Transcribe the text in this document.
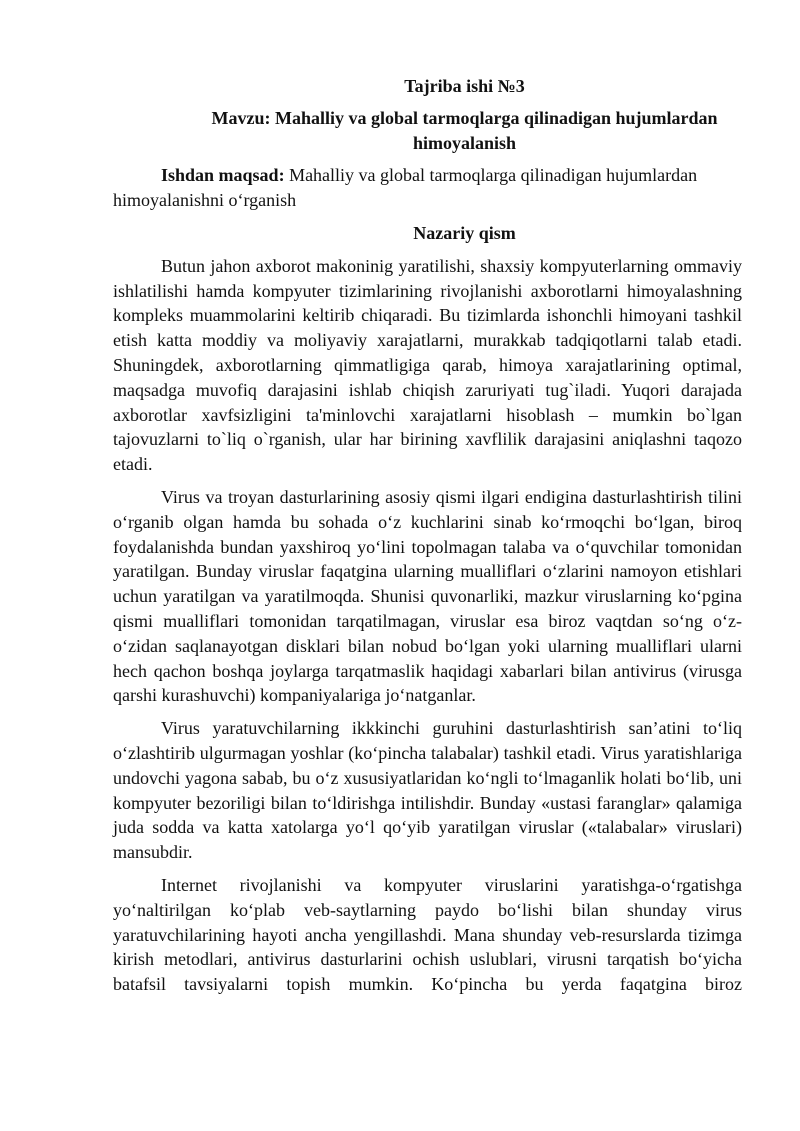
Tajriba ishi №3

Mavzu: Mahalliy va global tarmoqlarga qilinadigan hujumlardan himoyalanish

Ishdan maqsad: Mahalliy va global tarmoqlarga qilinadigan hujumlardan himoyalanishni oʻrganish

Nazariy qism

Butun jahon axborot makoninig yaratilishi, shaxsiy kompyuterlarning ommaviy ishlatilishi hamda kompyuter tizimlarining rivojlanishi axborotlarni himoyalashning kompleks muammolarini keltirib chiqaradi. Bu tizimlarda ishonchli himoyani tashkil etish katta moddiy va moliyaviy xarajatlarni, murakkab tadqiqotlarni talab etadi. Shuningdek, axborotlarning qimmatligiga qarab, himoya xarajatlarining optimal, maqsadga muvofiq darajasini ishlab chiqish zaruriyati tug`iladi. Yuqori darajada axborotlar xavfsizligini ta'minlovchi xarajatlarni hisoblash – mumkin bo`lgan tajovuzlarni to`liq o`rganish, ular har birining xavflilik darajasini aniqlashni taqozo etadi.

Virus va troyan dasturlarining asosiy qismi ilgari endigina dasturlashtirish tilini oʻrganib olgan hamda bu sohada oʻz kuchlarini sinab koʻrmoqchi boʻlgan, biroq foydalanishda bundan yaxshiroq yoʻlini topolmagan talaba va oʻquvchilar tomonidan yaratilgan. Bunday viruslar faqatgina ularning mualliflari oʻzlarini namoyon etishlari uchun yaratilgan va yaratilmoqda. Shunisi quvonarliki, mazkur viruslarning koʻpgina qismi mualliflari tomonidan tarqatilmagan, viruslar esa biroz vaqtdan soʻng oʻz-oʻzidan saqlanayotgan disklari bilan nobud boʻlgan yoki ularning mualliflari ularni hech qachon boshqa joylarga tarqatmaslik haqidagi xabarlari bilan antivirus (virusga qarshi kurashuvchi) kompaniyalariga joʻnatganlar.

Virus yaratuvchilarning ikkkinchi guruhini dasturlashtirish san’atini toʻliq oʻzlashtirib ulgurmagan yoshlar (koʻpincha talabalar) tashkil etadi. Virus yaratishlariga undovchi yagona sabab, bu oʻz xususiyatlaridan koʻngli toʻlmaganlik holati boʻlib, uni kompyuter bezoriligi bilan toʻldirishga intilishdir. Bunday «ustasi faranglar» qalamiga juda sodda va katta xatolarga yoʻl qoʻyib yaratilgan viruslar («talabalar» viruslari) mansubdir.

Internet rivojlanishi va kompyuter viruslarini yaratishga-oʻrgatishga yoʻnaltirilgan koʻplab veb-saytlarning paydo boʻlishi bilan shunday virus yaratuvchilarining hayoti ancha yengillashdi. Mana shunday veb-resurslarda tizimga kirish metodlari, antivirus dasturlarini ochish uslublari, virusni tarqatish boʻyicha batafsil tavsiyalarni topish mumkin. Koʻpincha bu yerda faqatgina biroz
